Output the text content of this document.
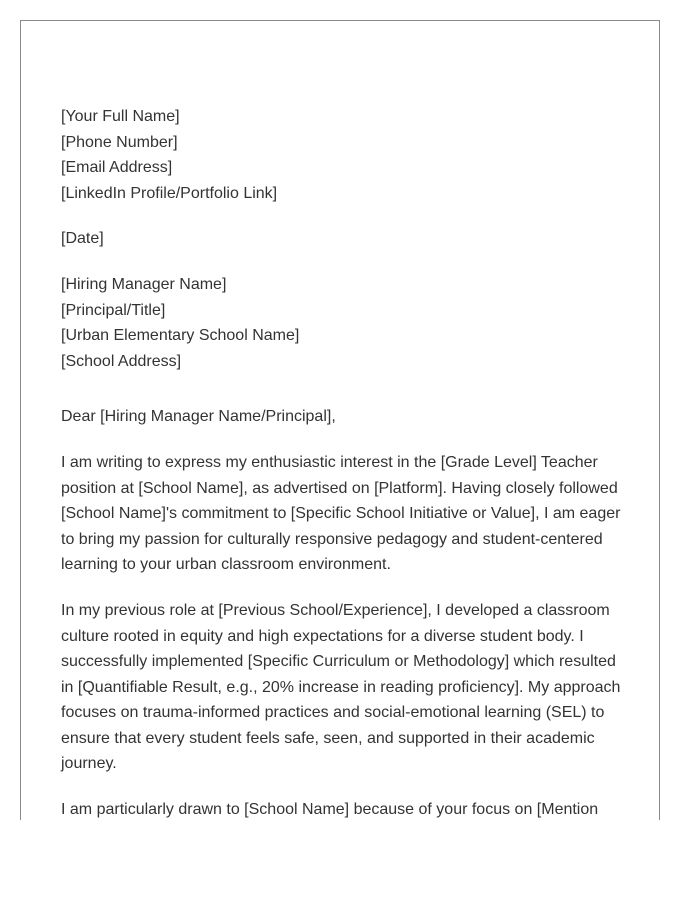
[Your Full Name]
[Phone Number]
[Email Address]
[LinkedIn Profile/Portfolio Link]
[Date]
[Hiring Manager Name]
[Principal/Title]
[Urban Elementary School Name]
[School Address]
Dear [Hiring Manager Name/Principal],

I am writing to express my enthusiastic interest in the [Grade Level] Teacher position at [School Name], as advertised on [Platform]. Having closely followed [School Name]'s commitment to [Specific School Initiative or Value], I am eager to bring my passion for culturally responsive pedagogy and student-centered learning to your urban classroom environment.

In my previous role at [Previous School/Experience], I developed a classroom culture rooted in equity and high expectations for a diverse student body. I successfully implemented [Specific Curriculum or Methodology] which resulted in [Quantifiable Result, e.g., 20% increase in reading proficiency]. My approach focuses on trauma-informed practices and social-emotional learning (SEL) to ensure that every student feels safe, seen, and supported in their academic journey.

I am particularly drawn to [School Name] because of your focus on [Mention
